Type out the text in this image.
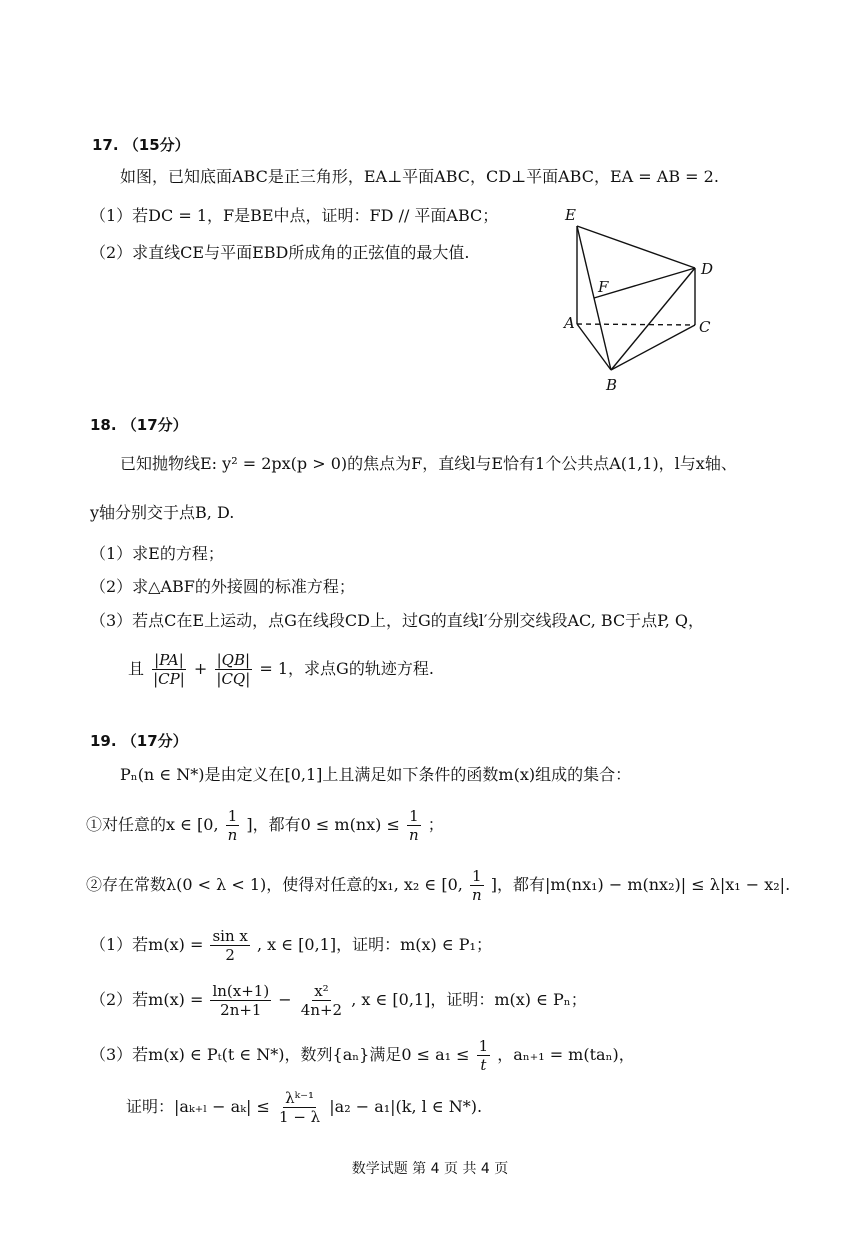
17. （15分）
如图，已知底面ABC是正三角形，EA⊥平面ABC，CD⊥平面ABC，EA = AB = 2.
（1）若DC = 1，F是BE中点，证明：FD // 平面ABC；
（2）求直线CE与平面EBD所成角的正弦值的最大值.
E
D
F
A	C
B
18. （17分）
已知抛物线E: y² = 2px(p > 0)的焦点为F，直线l与E恰有1个公共点A(1,1)，l与x轴、
y轴分别交于点B, D.
（1）求E的方程；
（2）求△ABF的外接圆的标准方程；
（3）若点C在E上运动，点G在线段CD上，过G的直线l′分别交线段AC, BC于点P, Q，
且 $\frac{|PA|}{|CP|} + \frac{|QB|}{|CQ|} = 1$，求点G的轨迹方程.
19. （17分）
Pₙ(n ∈ N*)是由定义在[0,1]上且满足如下条件的函数m(x)组成的集合：
①对任意的x ∈ [0, $\frac{1}{n}$ ]，都有$0 \le m(nx) \le \frac{1}{n}$ ；
②存在常数λ(0 < λ < 1)，使得对任意的x₁, x₂ ∈ [0, $\frac{1}{n}$ ]，都有|m(nx₁) − m(nx₂)| ≤ λ|x₁ − x₂|.
（1）若$m(x) = \frac{\text{sin x}}{2}$ , x ∈ [0,1]，证明：m(x) ∈ P₁；
（2）若$m(x) = \frac{\ln(x+1)}{2n+1} - \frac{\text{x²}}{4n+2}$ , x ∈ [0,1]，证明：m(x) ∈ Pₙ；
（3）若m(x) ∈ Pₜ(t ∈ N*)，数列{aₙ}满足$0 \le a_1 \le \frac{1}{t}$ ，aₙ₊₁ = m(taₙ)，
证明：$|a_{k+l} - a_k| \le \frac{\text{λᵏ⁻¹}}{1 - \lambda} |a_2 - a_1|(k$, l ∈ N*).
数学试题 第 4 页 共 4 页
